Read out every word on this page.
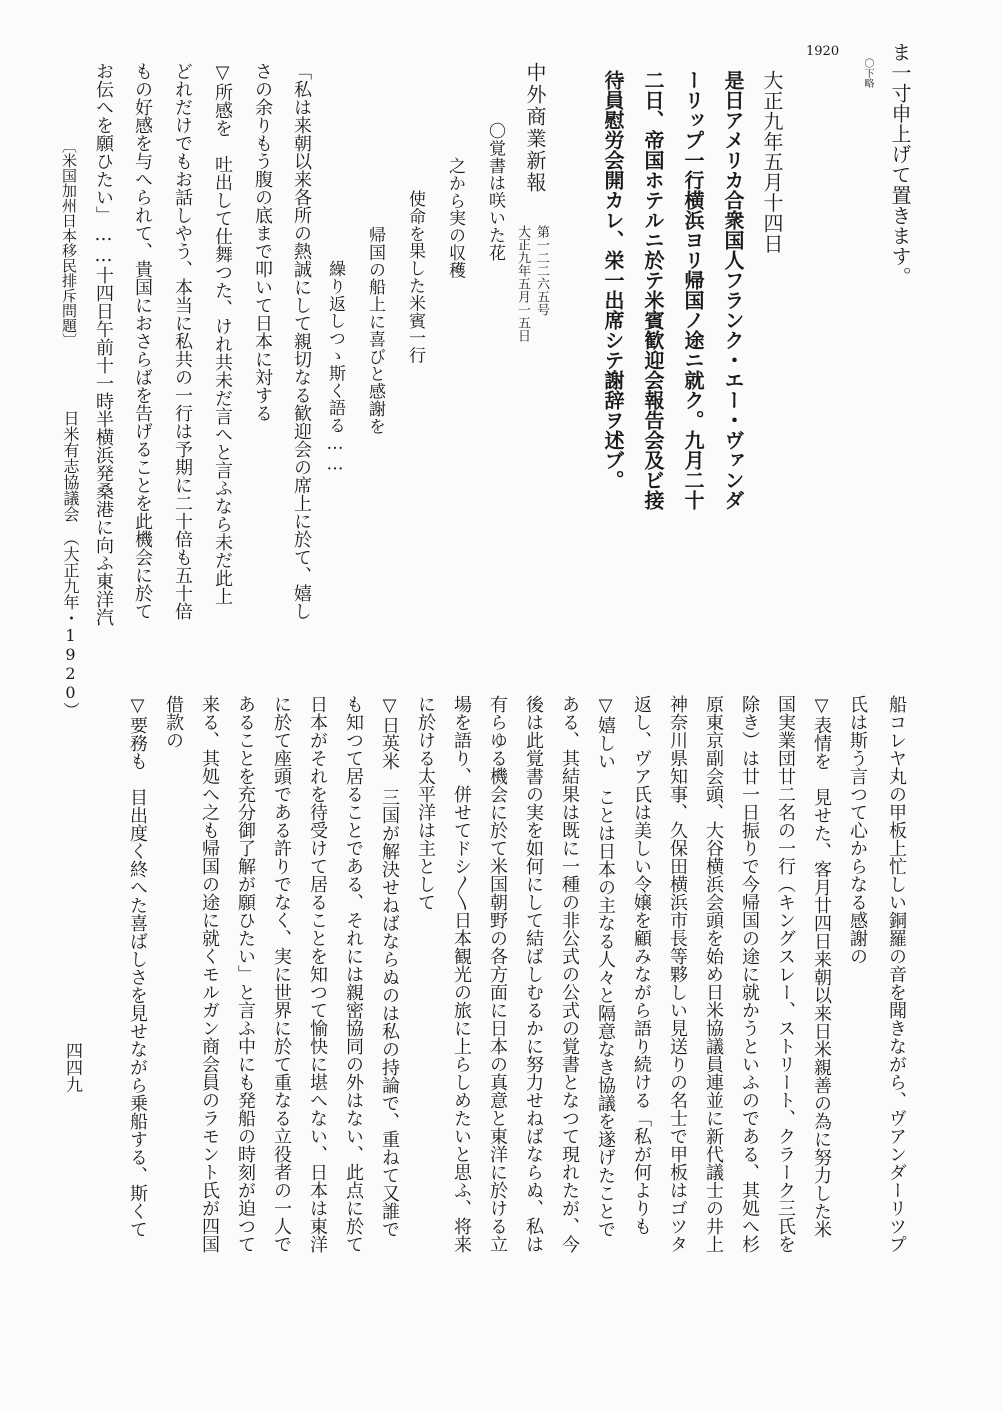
ま一寸申上げて置きます。
〇下略
1920
大正九年五月十四日
是日アメリカ合衆国人フランク・エー・ヴァンダ
ーリップ一行横浜ヨリ帰国ノ途ニ就ク。九月二十
二日、帝国ホテルニ於テ米賓歓迎会報告会及ビ接
待員慰労会開カレ、栄一出席シテ謝辞ヲ述ブ。
中外商業新報
第一二二六五号
大正九年五月一五日
〇覚書は咲いた花
之から実の収穫
使命を果した米賓一行
帰国の船上に喜びと感謝を
繰り返しつゝ斯く語る……
「私は来朝以来各所の熱誠にして親切なる歓迎会の席上に於て、嬉し
さの余りもう腹の底まで叩いて日本に対する
▽所感を　吐出して仕舞つた、けれ共未だ言へと言ふなら未だ此上
どれだけでもお話しやう、本当に私共の一行は予期に二十倍も五十倍
もの好感を与へられて、貴国におさらばを告げることを此機会に於て
お伝へを願ひたい」……十四日午前十一時半横浜発桑港に向ふ東洋汽
〔米国加州日本移民排斥問題〕
日米有志協議会　（大正九年・1920）
船コレヤ丸の甲板上忙しい銅羅の音を聞きながら、ヴアンダーリツプ
氏は斯う言つて心からなる感謝の
▽表情を　見せた、客月廿四日来朝以来日米親善の為に努力した米
国実業団廿二名の一行（キングスレー、ストリート、クラーク三氏を
除き）は廿一日振りで今帰国の途に就かうといふのである、其処へ杉
原東京副会頭、大谷横浜会頭を始め日米協議員連並に新代議士の井上
神奈川県知事、久保田横浜市長等夥しい見送りの名士で甲板はゴツタ
返し、ヴア氏は美しい令嬢を顧みながら語り続ける「私が何よりも
▽嬉しい　ことは日本の主なる人々と隔意なき協議を遂げたことで
ある、其結果は既に一種の非公式の公式の覚書となつて現れたが、今
後は此覚書の実を如何にして結ばしむるかに努力せねばならぬ、私は
有らゆる機会に於て米国朝野の各方面に日本の真意と東洋に於ける立
場を語り、併せてドシ〳〵日本観光の旅に上らしめたいと思ふ、将来
に於ける太平洋は主として
▽日英米　三国が解決せねばならぬのは私の持論で、重ねて又誰で
も知つて居ることである、それには親密協同の外はない、此点に於て
日本がそれを待受けて居ることを知つて愉快に堪へない、日本は東洋
に於て座頭である許りでなく、実に世界に於て重なる立役者の一人で
あることを充分御了解が願ひたい」と言ふ中にも発船の時刻が迫つて
来る、其処へ之も帰国の途に就くモルガン商会員のラモント氏が四国
借款の
▽要務も　目出度く終へた喜ばしさを見せながら乗船する、斯くて
四四九
